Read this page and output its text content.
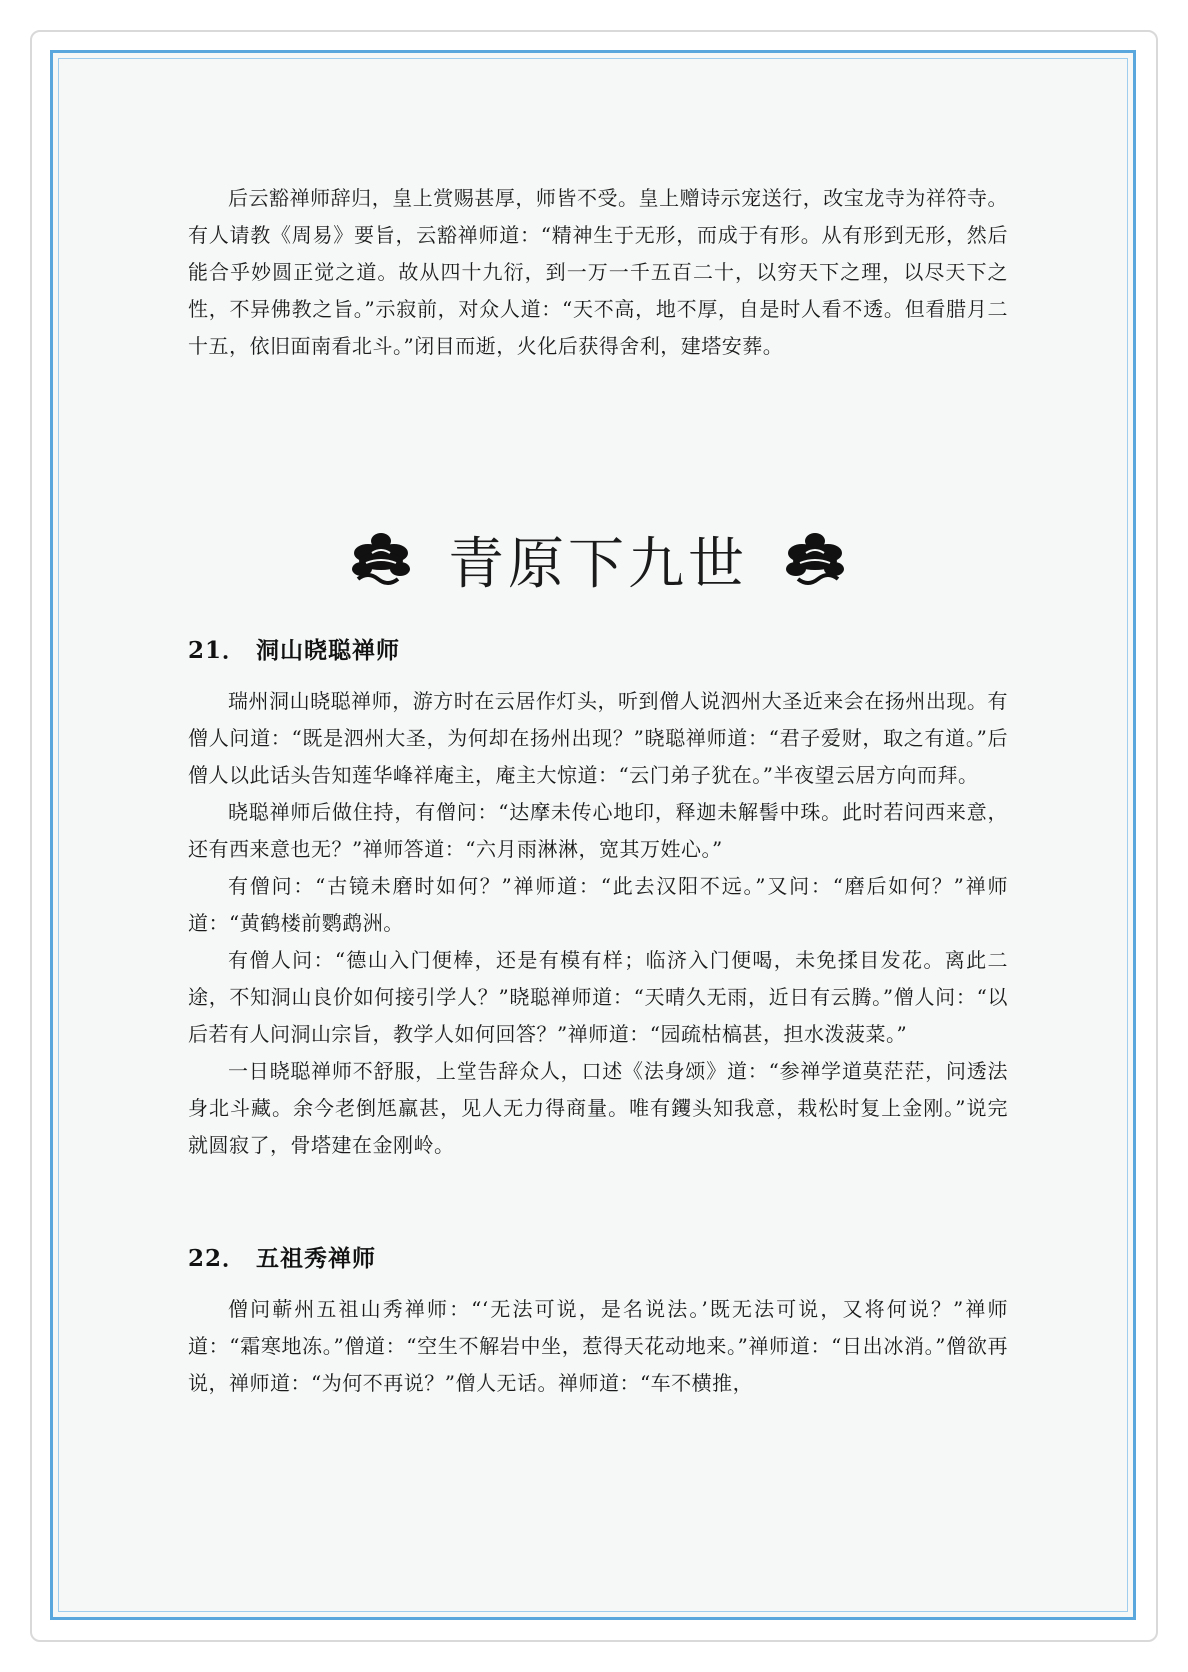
后云豁禅师辞归，皇上赏赐甚厚，师皆不受。皇上赠诗示宠送行，改宝龙寺为祥符寺。有人请教《周易》要旨，云豁禅师道：“精神生于无形，而成于有形。从有形到无形，然后能合乎妙圆正觉之道。故从四十九衍，到一万一千五百二十，以穷天下之理，以尽天下之性，不异佛教之旨。”示寂前，对众人道：“天不高，地不厚，自是时人看不透。但看腊月二十五，依旧面南看北斗。”闭目而逝，火化后获得舍利，建塔安葬。

青原下九世
21． 洞山晓聪禅师

瑞州洞山晓聪禅师，游方时在云居作灯头，听到僧人说泗州大圣近来会在扬州出现。有僧人问道：“既是泗州大圣，为何却在扬州出现？”晓聪禅师道：“君子爱财，取之有道。”后僧人以此话头告知莲华峰祥庵主，庵主大惊道：“云门弟子犹在。”半夜望云居方向而拜。

晓聪禅师后做住持，有僧问：“达摩未传心地印，释迦未解髻中珠。此时若问西来意，还有西来意也无？”禅师答道：“六月雨淋淋，宽其万姓心。”

有僧问：“古镜未磨时如何？”禅师道：“此去汉阳不远。”又问：“磨后如何？”禅师道：“黄鹤楼前鹦鹉洲。

有僧人问：“德山入门便棒，还是有模有样；临济入门便喝，未免揉目发花。离此二途，不知洞山良价如何接引学人？”晓聪禅师道：“天晴久无雨，近日有云腾。”僧人问：“以后若有人问洞山宗旨，教学人如何回答？”禅师道：“园疏枯槁甚，担水泼菠菜。”

一日晓聪禅师不舒服，上堂告辞众人，口述《法身颂》道：“参禅学道莫茫茫，问透法身北斗藏。余今老倒尪羸甚，见人无力得商量。唯有钁头知我意，栽松时复上金刚。”说完就圆寂了，骨塔建在金刚岭。

22． 五祖秀禅师

僧问蕲州五祖山秀禅师：“‘无法可说，是名说法。’既无法可说，又将何说？”禅师道：“霜寒地冻。”僧道：“空生不解岩中坐，惹得天花动地来。”禅师道：“日出冰消。”僧欲再说，禅师道：“为何不再说？”僧人无话。禅师道：“车不横推，
